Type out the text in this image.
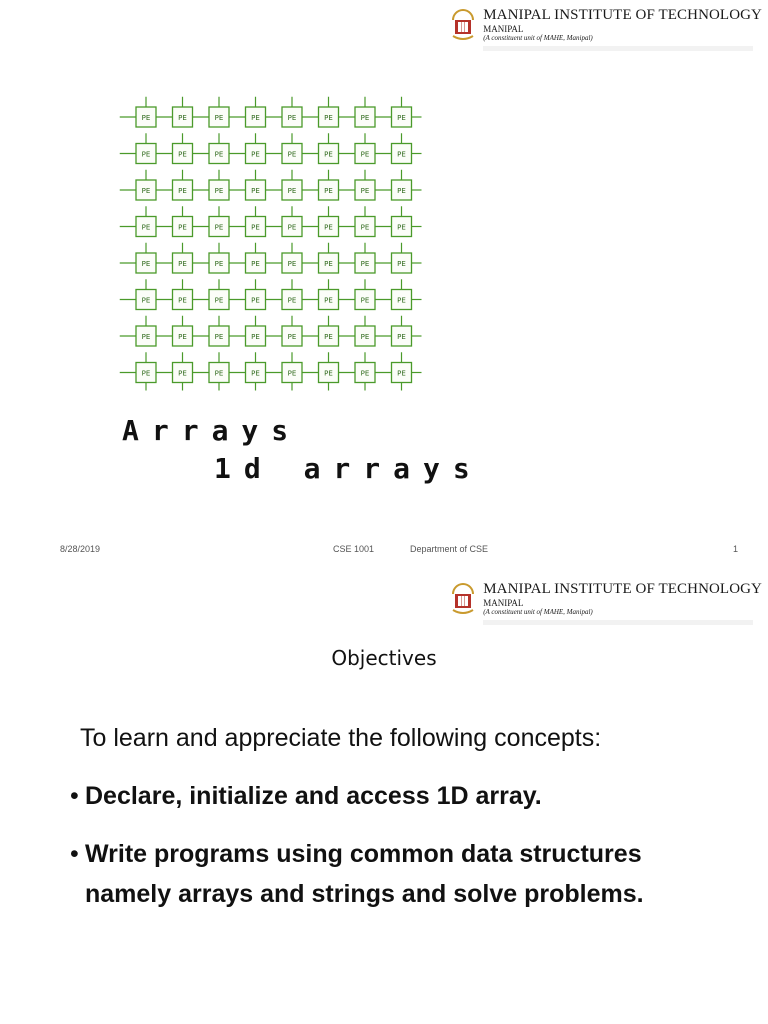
MANIPAL INSTITUTE OF TECHNOLOGY
MANIPAL
(A constituent unit of MAHE, Manipal)
PE	PE	PE	PE	PE	PE	PE	PE
PE	PE	PE	PE	PE	PE	PE	PE
PE	PE	PE	PE	PE	PE	PE	PE
PE	PE	PE	PE	PE	PE	PE	PE
PE	PE	PE	PE	PE	PE	PE	PE
PE	PE	PE	PE	PE	PE	PE	PE
PE	PE	PE	PE	PE	PE	PE	PE
PE	PE	PE	PE	PE	PE	PE	PE
Arrays
1d arrays
8/28/2019	CSE 1001	Department of CSE	1
MANIPAL INSTITUTE OF TECHNOLOGY
MANIPAL
(A constituent unit of MAHE, Manipal)
Objectives
To learn and appreciate the following concepts:
• Declare, initialize and access 1D array.
• Write programs using common data structures namely arrays and strings and solve problems.
